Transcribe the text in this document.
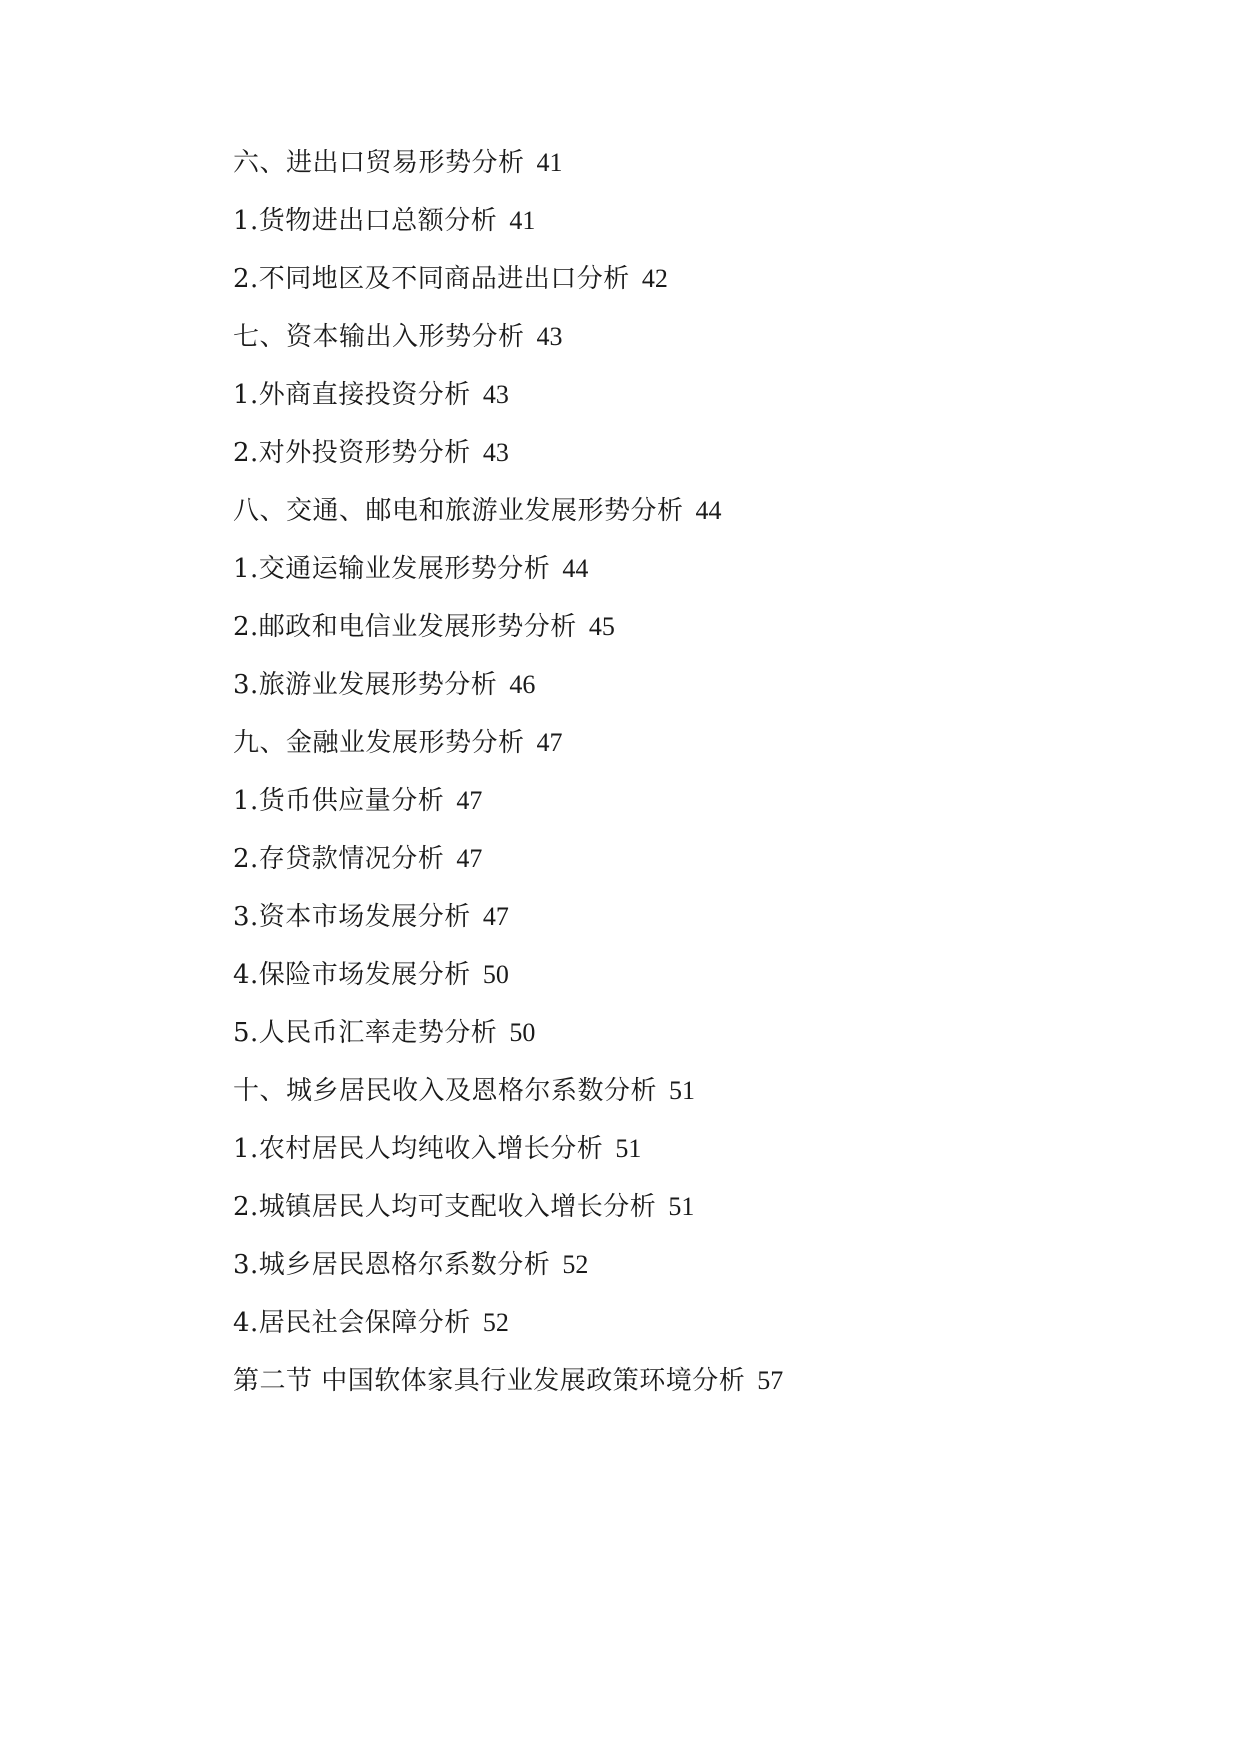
六、进出口贸易形势分析 41
1.货物进出口总额分析 41
2.不同地区及不同商品进出口分析 42
七、资本输出入形势分析 43
1.外商直接投资分析 43
2.对外投资形势分析 43
八、交通、邮电和旅游业发展形势分析 44
1.交通运输业发展形势分析 44
2.邮政和电信业发展形势分析 45
3.旅游业发展形势分析 46
九、金融业发展形势分析 47
1.货币供应量分析 47
2.存贷款情况分析 47
3.资本市场发展分析 47
4.保险市场发展分析 50
5.人民币汇率走势分析 50
十、城乡居民收入及恩格尔系数分析 51
1.农村居民人均纯收入增长分析 51
2.城镇居民人均可支配收入增长分析 51
3.城乡居民恩格尔系数分析 52
4.居民社会保障分析 52
第二节 中国软体家具行业发展政策环境分析 57
